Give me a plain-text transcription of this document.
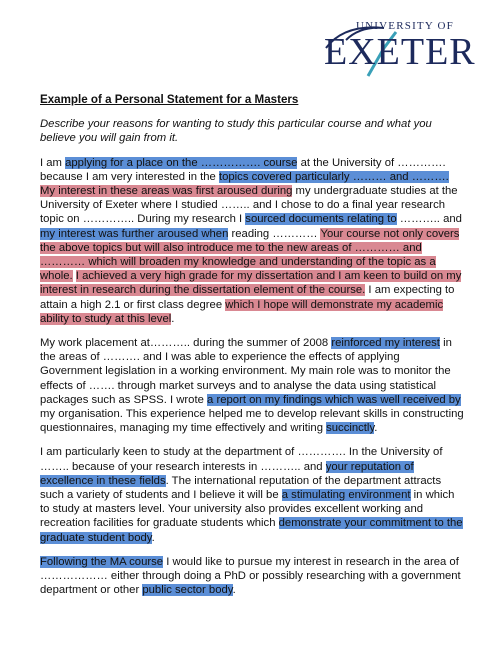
UNIVERSITY OF
EXETER
Example of a Personal Statement for a Masters
Describe your reasons for wanting to study this particular course and what you believe you will gain from it.
I am applying for a place on the ……………. course at the University of …………. because I am very interested in the topics covered particularly ……… and ………. My interest in these areas was first aroused during my undergraduate studies at the University of Exeter where I studied …….. and I chose to do a final year research topic on ………….. During my research I sourced documents relating to ……….. and my interest was further aroused when reading ………… Your course not only covers the above topics but will also introduce me to the new areas of ………… and ………… which will broaden my knowledge and understanding of the topic as a whole. I achieved a very high grade for my dissertation and I am keen to build on my interest in research during the dissertation element of the course. I am expecting to attain a high 2.1 or first class degree which I hope will demonstrate my academic ability to study at this level.
My work placement at……….. during the summer of 2008 reinforced my interest in the areas of ………. and I was able to experience the effects of applying Government legislation in a working environment. My main role was to monitor the effects of ……. through market surveys and to analyse the data using statistical packages such as SPSS. I wrote a report on my findings which was well received by my organisation. This experience helped me to develop relevant skills in constructing questionnaires, managing my time effectively and writing succinctly.
I am particularly keen to study at the department of …………. In the University of …….. because of your research interests in ……….. and your reputation of excellence in these fields. The international reputation of the department attracts such a variety of students and I believe it will be a stimulating environment in which to study at masters level. Your university also provides excellent working and recreation facilities for graduate students which demonstrate your commitment to the graduate student body.
Following the MA course I would like to pursue my interest in research in the area of ……………… either through doing a PhD or possibly researching with a government department or other public sector body.
